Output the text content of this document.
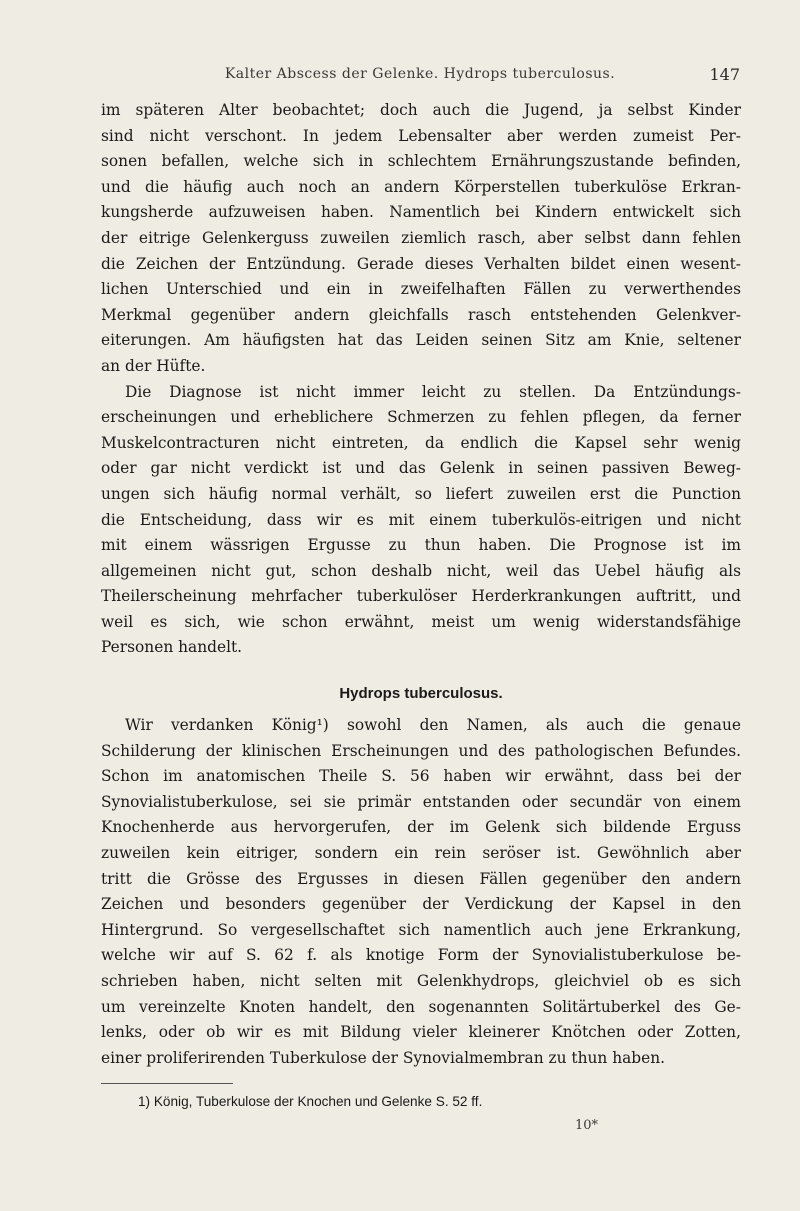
Kalter Abscess der Gelenke. Hydrops tuberculosus.	147
im späteren Alter beobachtet; doch auch die Jugend, ja selbst Kinder
sind nicht verschont. In jedem Lebensalter aber werden zumeist Per-
sonen befallen, welche sich in schlechtem Ernährungszustande befinden,
und die häufig auch noch an andern Körperstellen tuberkulöse Erkran-
kungsherde aufzuweisen haben. Namentlich bei Kindern entwickelt sich
der eitrige Gelenkerguss zuweilen ziemlich rasch, aber selbst dann fehlen
die Zeichen der Entzündung. Gerade dieses Verhalten bildet einen wesent-
lichen Unterschied und ein in zweifelhaften Fällen zu verwerthendes
Merkmal gegenüber andern gleichfalls rasch entstehenden Gelenkver-
eiterungen. Am häufigsten hat das Leiden seinen Sitz am Knie, seltener
an der Hüfte.
Die Diagnose ist nicht immer leicht zu stellen. Da Entzündungs-
erscheinungen und erheblichere Schmerzen zu fehlen pflegen, da ferner
Muskelcontracturen nicht eintreten, da endlich die Kapsel sehr wenig
oder gar nicht verdickt ist und das Gelenk in seinen passiven Beweg-
ungen sich häufig normal verhält, so liefert zuweilen erst die Punction
die Entscheidung, dass wir es mit einem tuberkulös-eitrigen und nicht
mit einem wässrigen Ergusse zu thun haben. Die Prognose ist im
allgemeinen nicht gut, schon deshalb nicht, weil das Uebel häufig als
Theilerscheinung mehrfacher tuberkulöser Herderkrankungen auftritt, und
weil es sich, wie schon erwähnt, meist um wenig widerstandsfähige
Personen handelt.
Hydrops tuberculosus.
Wir verdanken König¹) sowohl den Namen, als auch die genaue
Schilderung der klinischen Erscheinungen und des pathologischen Befundes.
Schon im anatomischen Theile S. 56 haben wir erwähnt, dass bei der
Synovialistuberkulose, sei sie primär entstanden oder secundär von einem
Knochenherde aus hervorgerufen, der im Gelenk sich bildende Erguss
zuweilen kein eitriger, sondern ein rein seröser ist. Gewöhnlich aber
tritt die Grösse des Ergusses in diesen Fällen gegenüber den andern
Zeichen und besonders gegenüber der Verdickung der Kapsel in den
Hintergrund. So vergesellschaftet sich namentlich auch jene Erkrankung,
welche wir auf S. 62 f. als knotige Form der Synovialistuberkulose be-
schrieben haben, nicht selten mit Gelenkhydrops, gleichviel ob es sich
um vereinzelte Knoten handelt, den sogenannten Solitärtuberkel des Ge-
lenks, oder ob wir es mit Bildung vieler kleinerer Knötchen oder Zotten,
einer proliferirenden Tuberkulose der Synovialmembran zu thun haben.
1) König, Tuberkulose der Knochen und Gelenke S. 52 ff.
10*
